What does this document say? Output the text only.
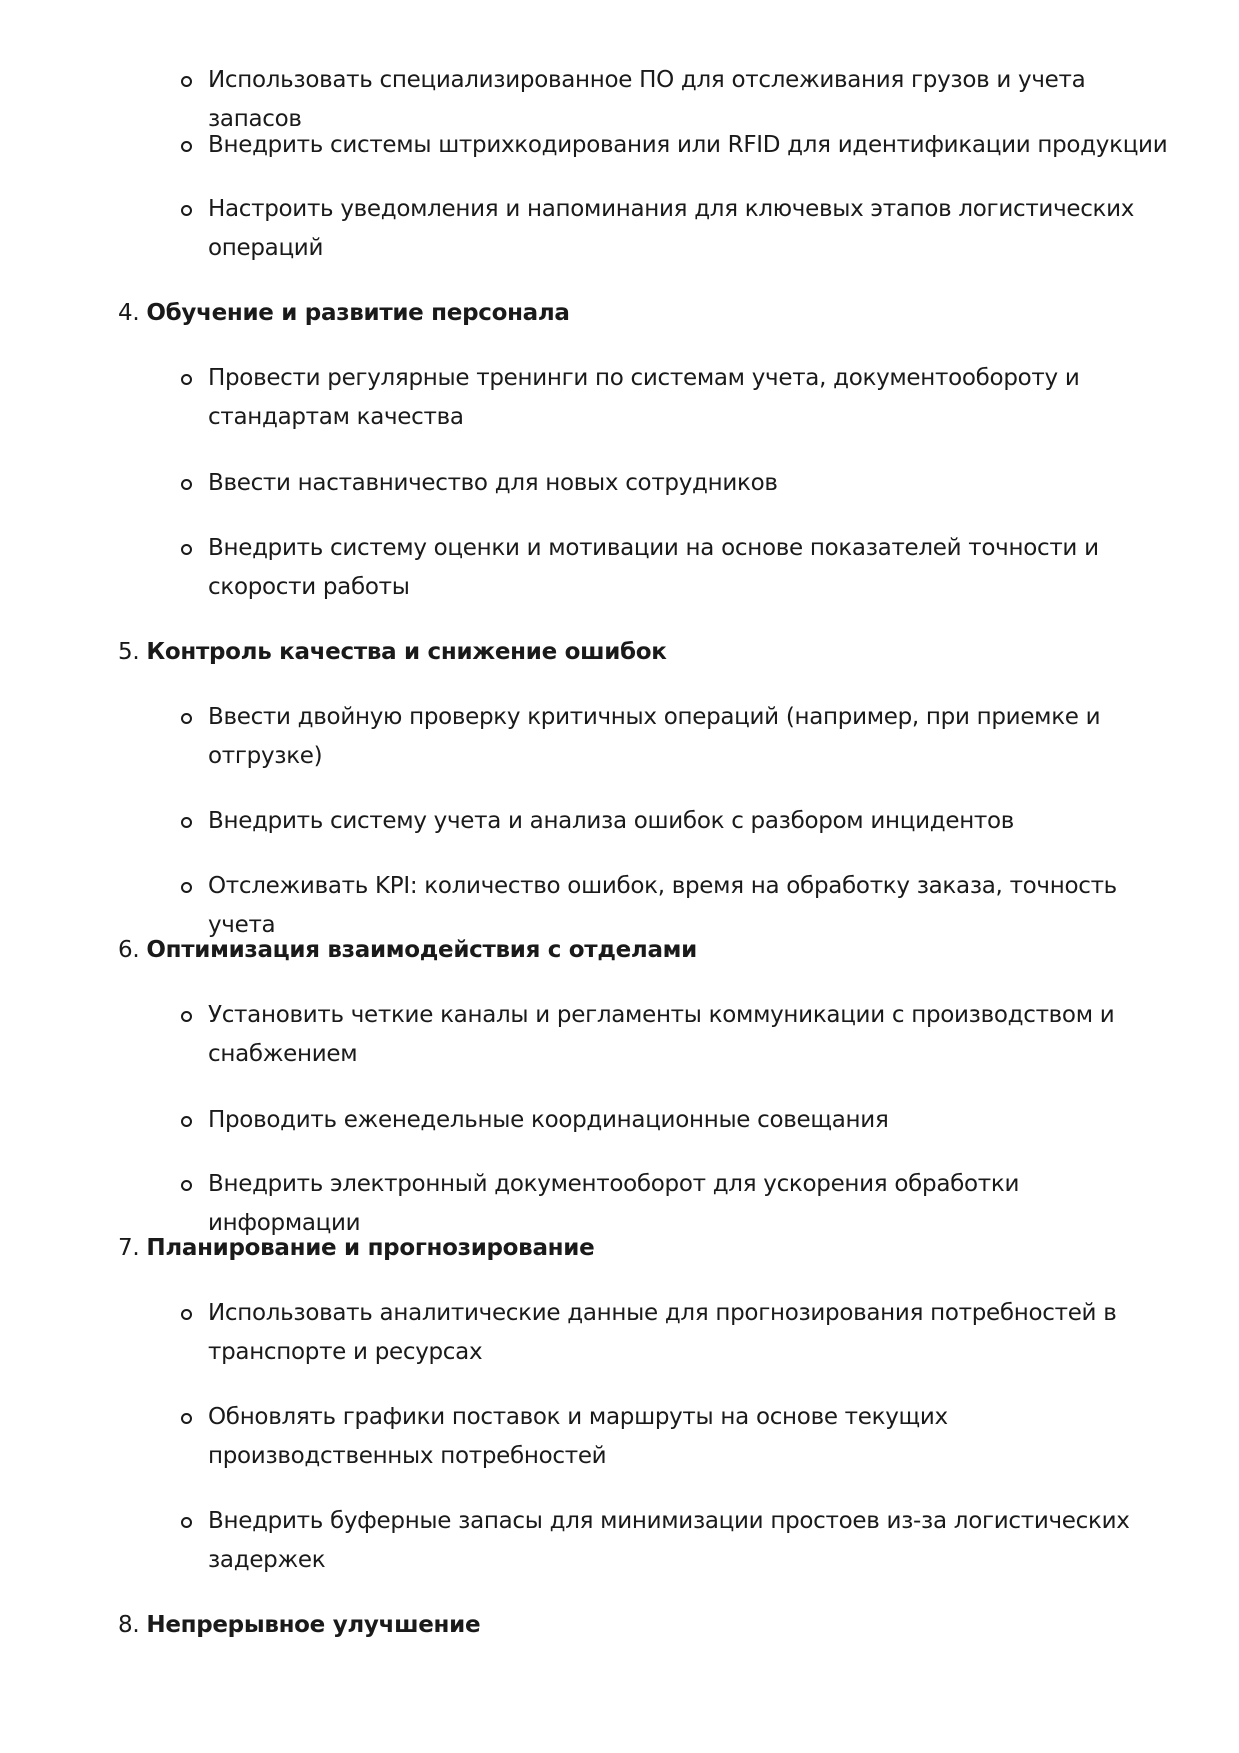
Использовать специализированное ПО для отслеживания грузов и учета запасов
Внедрить системы штрихкодирования или RFID для идентификации продукции
Настроить уведомления и напоминания для ключевых этапов логистических операций
4. Обучение и развитие персонала
Провести регулярные тренинги по системам учета, документообороту и стандартам качества
Ввести наставничество для новых сотрудников
Внедрить систему оценки и мотивации на основе показателей точности и скорости работы
5. Контроль качества и снижение ошибок
Ввести двойную проверку критичных операций (например, при приемке и отгрузке)
Внедрить систему учета и анализа ошибок с разбором инцидентов
Отслеживать KPI: количество ошибок, время на обработку заказа, точность учета
6. Оптимизация взаимодействия с отделами
Установить четкие каналы и регламенты коммуникации с производством и снабжением
Проводить еженедельные координационные совещания
Внедрить электронный документооборот для ускорения обработки информации
7. Планирование и прогнозирование
Использовать аналитические данные для прогнозирования потребностей в транспорте и ресурсах
Обновлять графики поставок и маршруты на основе текущих производственных потребностей
Внедрить буферные запасы для минимизации простоев из-за логистических задержек
8. Непрерывное улучшение
